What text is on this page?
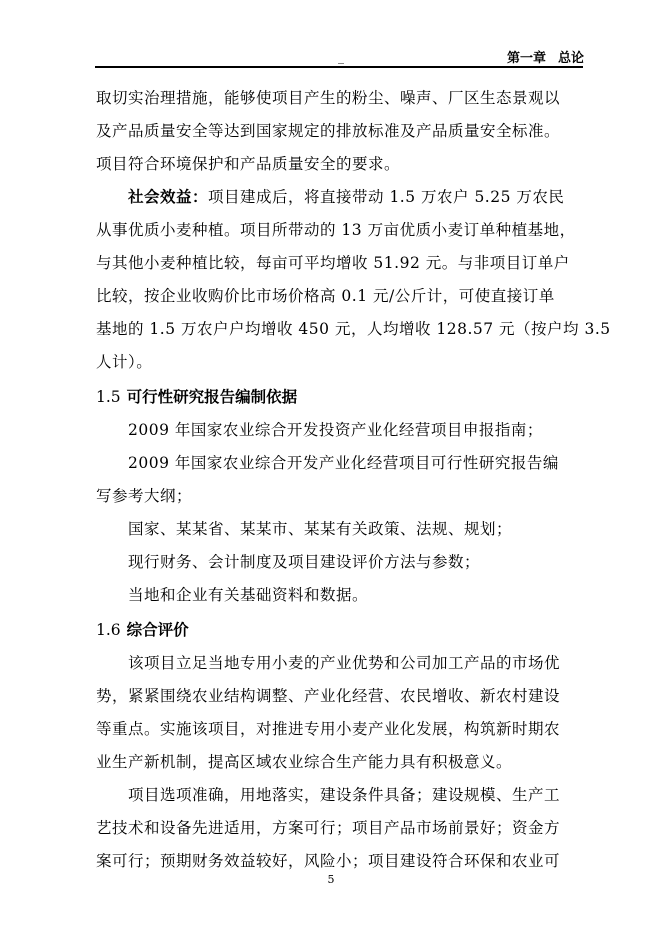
_	第一章 总论

取切实治理措施，能够使项目产生的粉尘、噪声、厂区生态景观以
及产品质量安全等达到国家规定的排放标准及产品质量安全标准。
项目符合环境保护和产品质量安全的要求。

社会效益：项目建成后，将直接带动 1.5 万农户 5.25 万农民
从事优质小麦种植。项目所带动的 13 万亩优质小麦订单种植基地，
与其他小麦种植比较，每亩可平均增收 51.92 元。与非项目订单户
比较，按企业收购价比市场价格高 0.1 元/公斤计，可使直接订单
基地的 1.5 万农户户均增收 450 元，人均增收 128.57 元（按户均 3.5
人计）。

1.5 可行性研究报告编制依据

2009 年国家农业综合开发投资产业化经营项目申报指南；
2009 年国家农业综合开发产业化经营项目可行性研究报告编
写参考大纲；
国家、某某省、某某市、某某有关政策、法规、规划；
现行财务、会计制度及项目建设评价方法与参数；
当地和企业有关基础资料和数据。

1.6 综合评价

该项目立足当地专用小麦的产业优势和公司加工产品的市场优
势，紧紧围绕农业结构调整、产业化经营、农民增收、新农村建设
等重点。实施该项目，对推进专用小麦产业化发展，构筑新时期农
业生产新机制，提高区域农业综合生产能力具有积极意义。

项目选项准确，用地落实，建设条件具备；建设规模、生产工
艺技术和设备先进适用，方案可行；项目产品市场前景好；资金方
案可行；预期财务效益较好，风险小；项目建设符合环保和农业可

5
